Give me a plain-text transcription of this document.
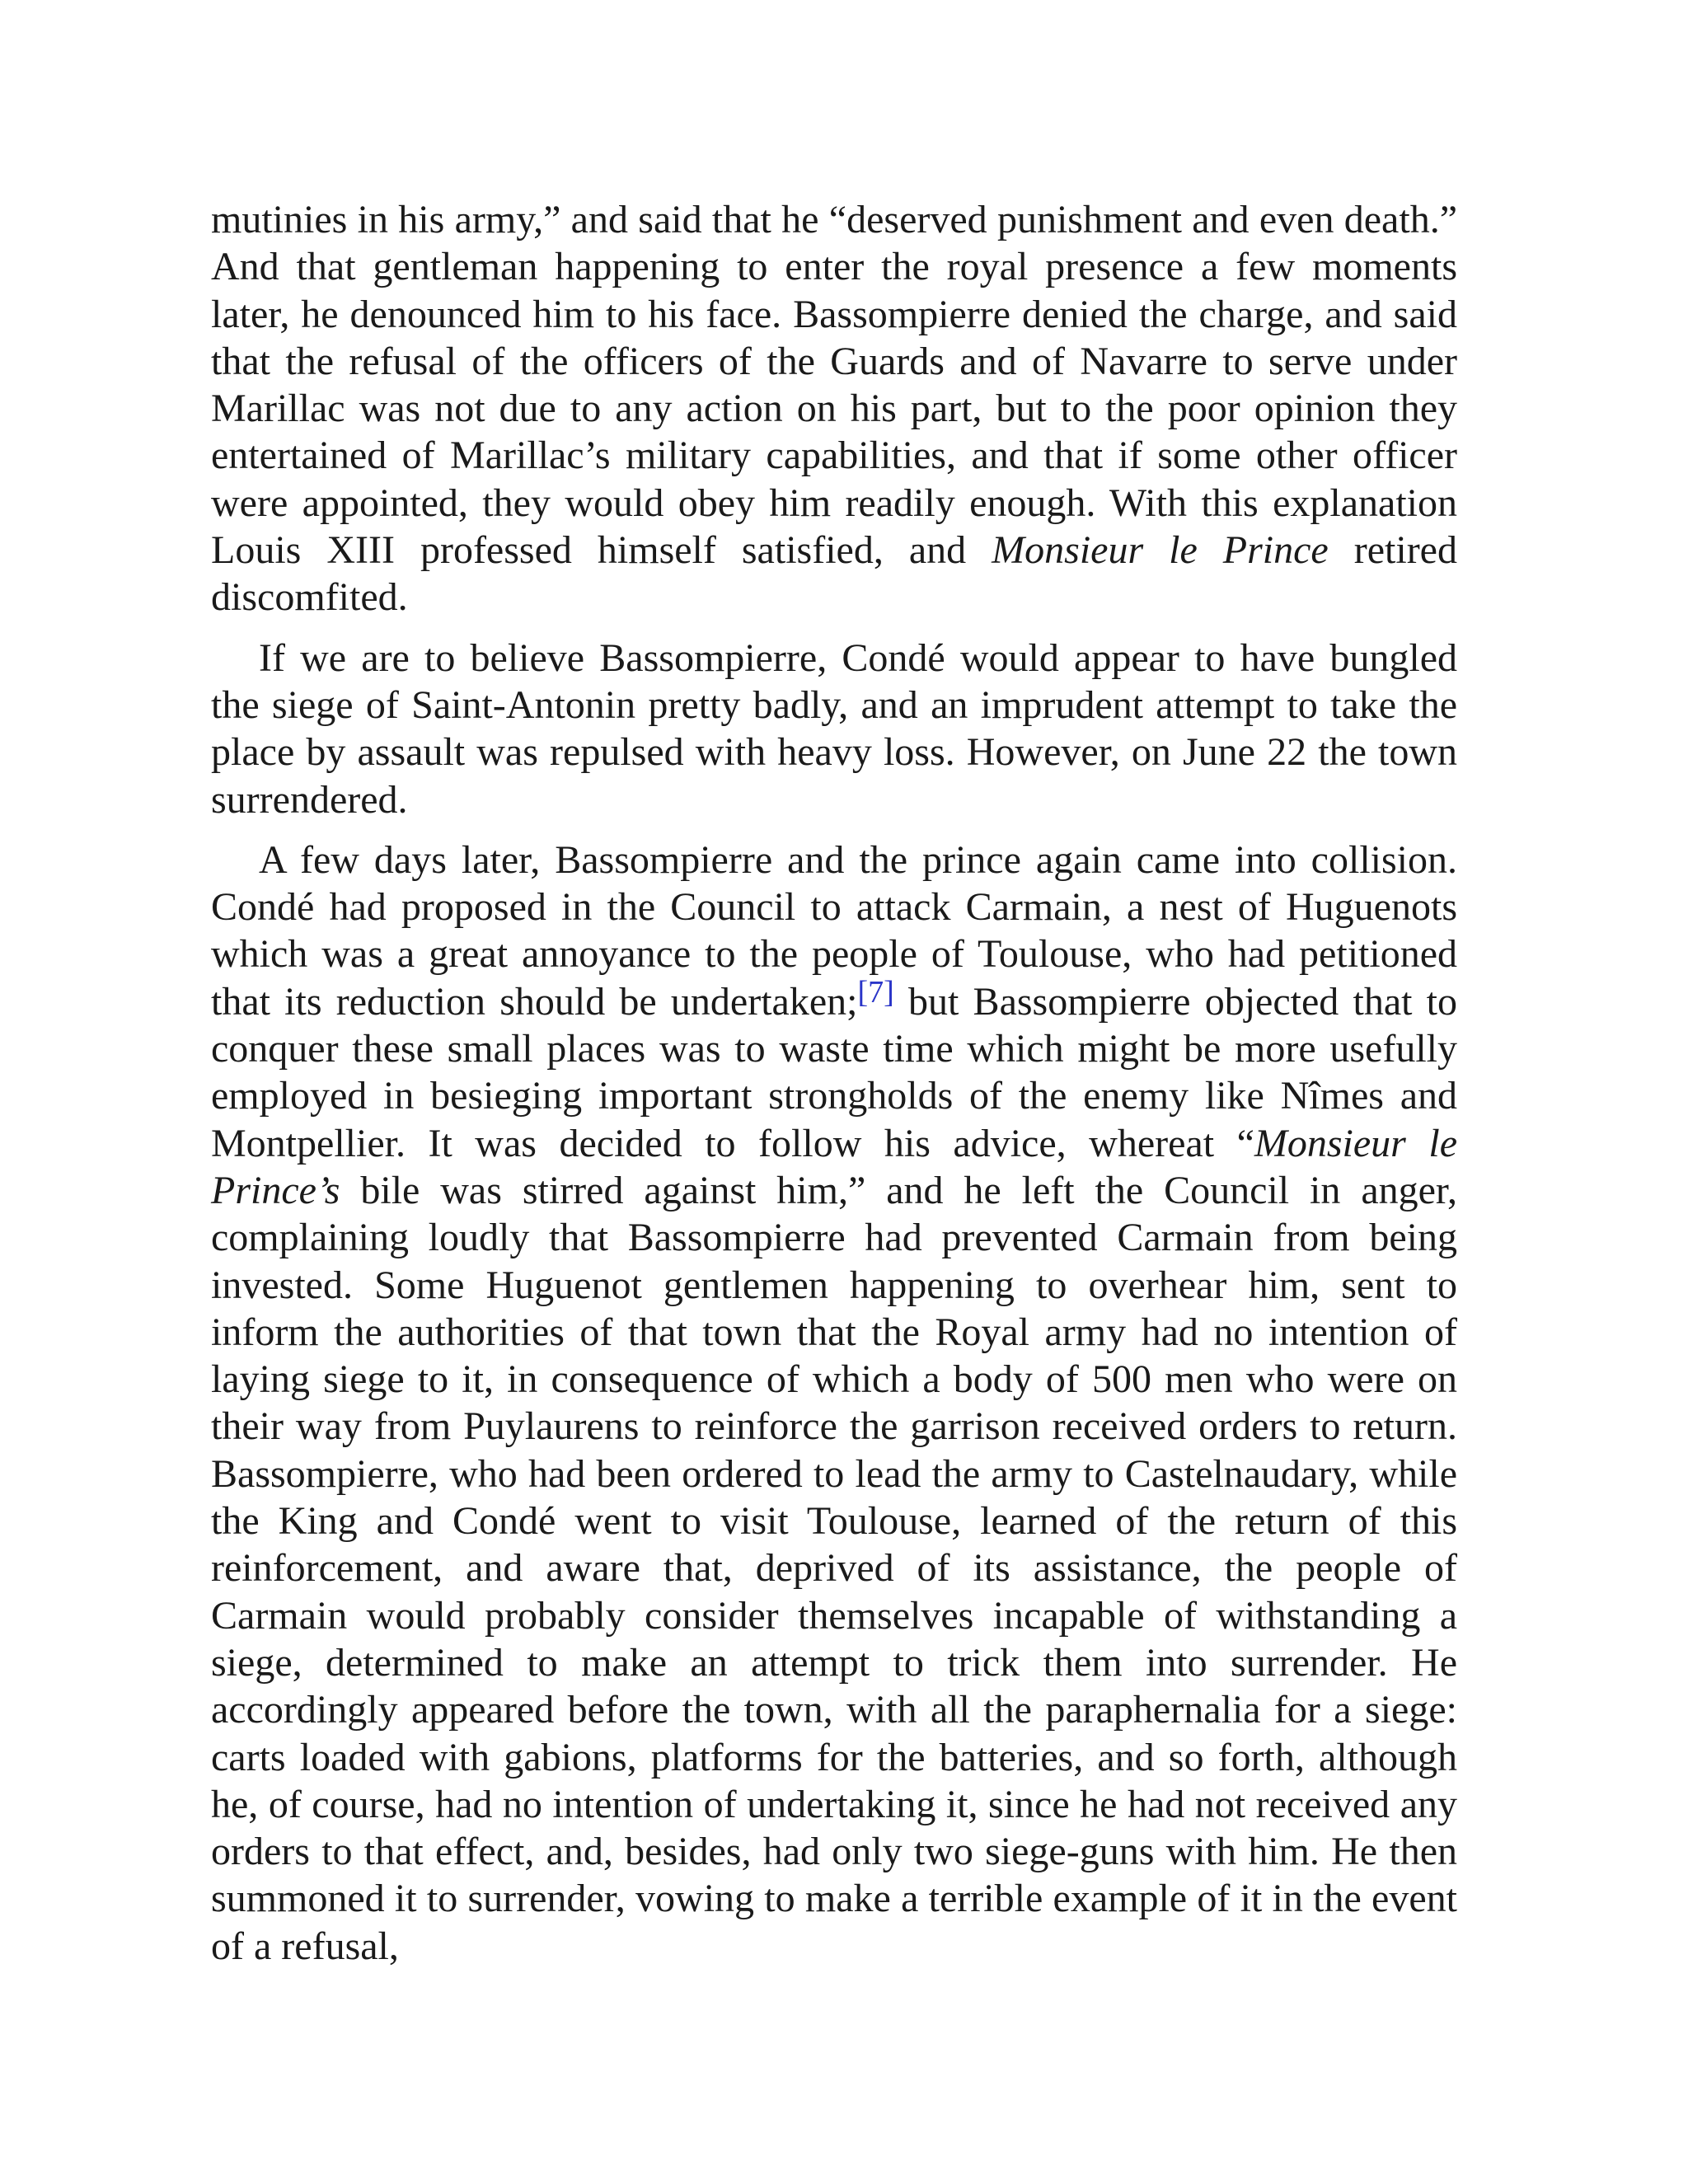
mutinies in his army,” and said that he “deserved punishment and even death.” And that gentleman happening to enter the royal presence a few moments later, he denounced him to his face. Bassompierre denied the charge, and said that the refusal of the officers of the Guards and of Navarre to serve under Marillac was not due to any action on his part, but to the poor opinion they entertained of Marillac’s military capabilities, and that if some other officer were appointed, they would obey him readily enough. With this explanation Louis XIII professed himself satisfied, and Monsieur le Prince retired discomfited.

If we are to believe Bassompierre, Condé would appear to have bungled the siege of Saint-Antonin pretty badly, and an imprudent attempt to take the place by assault was repulsed with heavy loss. However, on June 22 the town surrendered.

A few days later, Bassompierre and the prince again came into collision. Condé had proposed in the Council to attack Carmain, a nest of Huguenots which was a great annoyance to the people of Toulouse, who had petitioned that its reduction should be undertaken;[7] but Bassompierre objected that to conquer these small places was to waste time which might be more usefully employed in besieging important strongholds of the enemy like Nîmes and Montpellier. It was decided to follow his advice, whereat “Monsieur le Prince’s bile was stirred against him,” and he left the Council in anger, complaining loudly that Bassompierre had prevented Carmain from being invested. Some Huguenot gentlemen happening to overhear him, sent to inform the authorities of that town that the Royal army had no intention of laying siege to it, in consequence of which a body of 500 men who were on their way from Puylaurens to reinforce the garrison received orders to return. Bassompierre, who had been ordered to lead the army to Castelnaudary, while the King and Condé went to visit Toulouse, learned of the return of this reinforcement, and aware that, deprived of its assistance, the people of Carmain would probably consider themselves incapable of withstanding a siege, determined to make an attempt to trick them into surrender. He accordingly appeared before the town, with all the paraphernalia for a siege: carts loaded with gabions, platforms for the batteries, and so forth, although he, of course, had no intention of undertaking it, since he had not received any orders to that effect, and, besides, had only two siege-guns with him. He then summoned it to surrender, vowing to make a terrible example of it in the event of a refusal,
